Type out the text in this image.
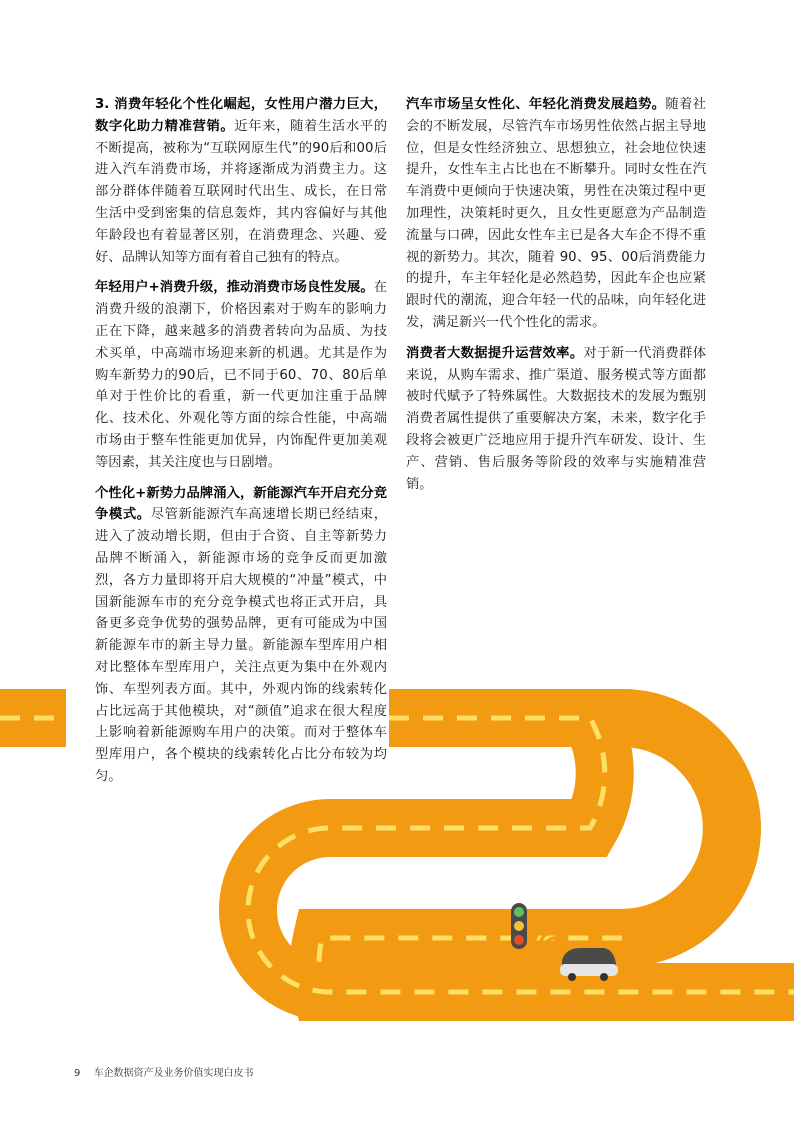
3. 消费年轻化个性化崛起，女性用户潜力巨大，数字化助力精准营销。近年来，随着生活水平的不断提高，被称为“互联网原生代”的90后和00后进入汽车消费市场，并将逐渐成为消费主力。这部分群体伴随着互联网时代出生、成长，在日常生活中受到密集的信息轰炸，其内容偏好与其他年龄段也有着显著区别，在消费理念、兴趣、爱好、品牌认知等方面有着自己独有的特点。

年轻用户+消费升级，推动消费市场良性发展。在消费升级的浪潮下，价格因素对于购车的影响力正在下降，越来越多的消费者转向为品质、为技术买单，中高端市场迎来新的机遇。尤其是作为购车新势力的90后，已不同于60、70、80后单单对于性价比的看重，新一代更加注重于品牌化、技术化、外观化等方面的综合性能，中高端市场由于整车性能更加优异，内饰配件更加美观等因素，其关注度也与日剧增。

个性化+新势力品牌涌入，新能源汽车开启充分竞争模式。尽管新能源汽车高速增长期已经结束，进入了波动增长期，但由于合资、自主等新势力品牌不断涌入，新能源市场的竞争反而更加激烈，各方力量即将开启大规模的“冲量”模式，中国新能源车市的充分竞争模式也将正式开启，具备更多竞争优势的强势品牌，更有可能成为中国新能源车市的新主导力量。新能源车型库用户相对比整体车型库用户，关注点更为集中在外观内饰、车型列表方面。其中，外观内饰的线索转化占比远高于其他模块，对“颜值”追求在很大程度上影响着新能源购车用户的决策。而对于整体车型库用户，各个模块的线索转化占比分布较为均匀。

汽车市场呈女性化、年轻化消费发展趋势。随着社会的不断发展，尽管汽车市场男性依然占据主导地位，但是女性经济独立、思想独立，社会地位快速提升，女性车主占比也在不断攀升。同时女性在汽车消费中更倾向于快速决策，男性在决策过程中更加理性，决策耗时更久，且女性更愿意为产品制造流量与口碑，因此女性车主已是各大车企不得不重视的新势力。其次，随着 90、95、00后消费能力的提升，车主年轻化是必然趋势，因此车企也应紧跟时代的潮流，迎合年轻一代的品味，向年轻化进发，满足新兴一代个性化的需求。

消费者大数据提升运营效率。对于新一代消费群体来说，从购车需求、推广渠道、服务模式等方面都被时代赋予了特殊属性。大数据技术的发展为甄别消费者属性提供了重要解决方案，未来，数字化手段将会被更广泛地应用于提升汽车研发、设计、生产、营销、售后服务等阶段的效率与实施精准营销。

9 车企数据资产及业务价值实现白皮书
